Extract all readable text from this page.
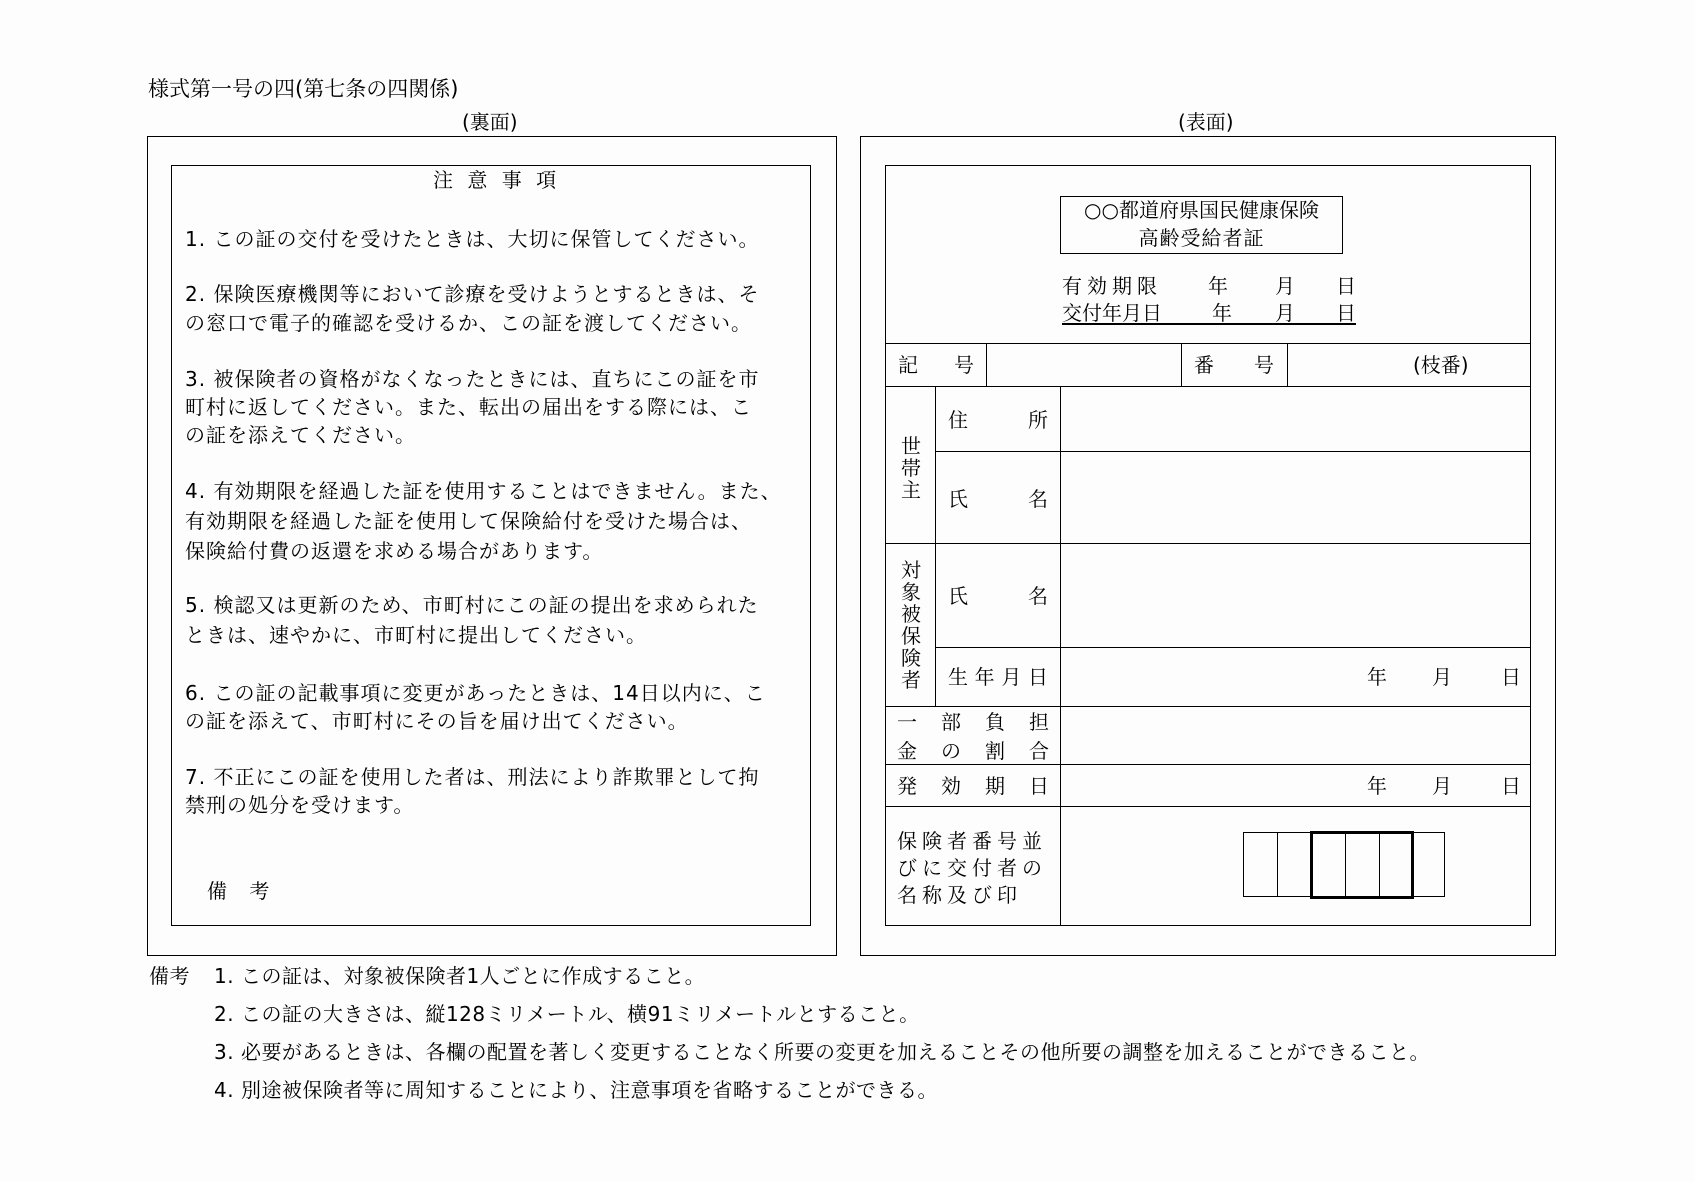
様式第一号の四(第七条の四関係)
(裏面)
注 意 事 項
1. この証の交付を受けたときは、大切に保管してください。
2. 保険医療機関等において診療を受けようとするときは、そ
の窓口で電子的確認を受けるか、この証を渡してください。
3. 被保険者の資格がなくなったときには、直ちにこの証を市
町村に返してください。また、転出の届出をする際には、こ
の証を添えてください。
4. 有効期限を経過した証を使用することはできません。また、
有効期限を経過した証を使用して保険給付を受けた場合は、
保険給付費の返還を求める場合があります。
5. 検認又は更新のため、市町村にこの証の提出を求められた
ときは、速やかに、市町村に提出してください。
6. この証の記載事項に変更があったときは、14日以内に、こ
の証を添えて、市町村にその旨を届け出てください。
7. 不正にこの証を使用した者は、刑法により詐欺罪として拘
禁刑の処分を受けます。
備 考
(表面)
○○都道府県国民健康保険
高齢受給者証
有効期限 年 月 日
交付年月日	年 月 日
記 号	番 号	(枝番)
世帯主
住	所
氏	名
対象被保険者
氏	名
生 年 月 日	年 月 日
一 部 負 担
金 の 割 合
発 効 期 日	年 月 日
保険者番号並
びに交付者の
名称及び印
備考 1. この証は、対象被保険者1人ごとに作成すること。
2. この証の大きさは、縦128ミリメートル、横91ミリメートルとすること。
3. 必要があるときは、各欄の配置を著しく変更することなく所要の変更を加えることその他所要の調整を加えることができること。
4. 別途被保険者等に周知することにより、注意事項を省略することができる。
